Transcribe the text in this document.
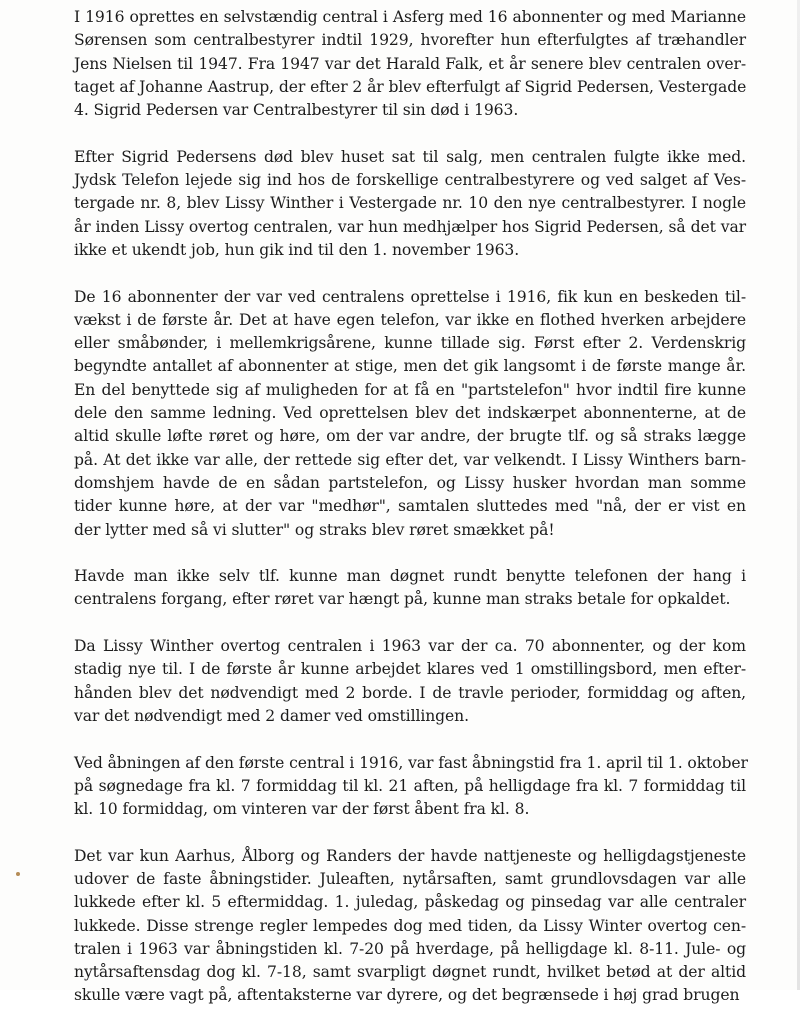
I 1916 oprettes en selvstændig central i Asferg med 16 abonnenter og med Marianne
Sørensen som centralbestyrer indtil 1929, hvorefter hun efterfulgtes af træhandler
Jens Nielsen til 1947. Fra 1947 var det Harald Falk, et år senere blev centralen over-
taget af Johanne Aastrup, der efter 2 år blev efterfulgt af Sigrid Pedersen, Vestergade
4. Sigrid Pedersen var Centralbestyrer til sin død i 1963.

Efter Sigrid Pedersens død blev huset sat til salg, men centralen fulgte ikke med.
Jydsk Telefon lejede sig ind hos de forskellige centralbestyrere og ved salget af Ves-
tergade nr. 8, blev Lissy Winther i Vestergade nr. 10 den nye centralbestyrer. I nogle
år inden Lissy overtog centralen, var hun medhjælper hos Sigrid Pedersen, så det var
ikke et ukendt job, hun gik ind til den 1. november 1963.

De 16 abonnenter der var ved centralens oprettelse i 1916, fik kun en beskeden til-
vækst i de første år. Det at have egen telefon, var ikke en flothed hverken arbejdere
eller småbønder, i mellemkrigsårene, kunne tillade sig. Først efter 2. Verdenskrig
begyndte antallet af abonnenter at stige, men det gik langsomt i de første mange år.
En del benyttede sig af muligheden for at få en "partstelefon" hvor indtil fire kunne
dele den samme ledning. Ved oprettelsen blev det indskærpet abonnenterne, at de
altid skulle løfte røret og høre, om der var andre, der brugte tlf. og så straks lægge
på. At det ikke var alle, der rettede sig efter det, var velkendt. I Lissy Winthers barn-
domshjem havde de en sådan partstelefon, og Lissy husker hvordan man somme
tider kunne høre, at der var "medhør", samtalen sluttedes med "nå, der er vist en
der lytter med så vi slutter" og straks blev røret smækket på!

Havde man ikke selv tlf. kunne man døgnet rundt benytte telefonen der hang i
centralens forgang, efter røret var hængt på, kunne man straks betale for opkaldet.

Da Lissy Winther overtog centralen i 1963 var der ca. 70 abonnenter, og der kom
stadig nye til. I de første år kunne arbejdet klares ved 1 omstillingsbord, men efter-
hånden blev det nødvendigt med 2 borde. I de travle perioder, formiddag og aften,
var det nødvendigt med 2 damer ved omstillingen.

Ved åbningen af den første central i 1916, var fast åbningstid fra 1. april til 1. oktober
på søgnedage fra kl. 7 formiddag til kl. 21 aften, på helligdage fra kl. 7 formiddag til
kl. 10 formiddag, om vinteren var der først åbent fra kl. 8.

Det var kun Aarhus, Ålborg og Randers der havde nattjeneste og helligdagstjeneste
udover de faste åbningstider. Juleaften, nytårsaften, samt grundlovsdagen var alle
lukkede efter kl. 5 eftermiddag. 1. juledag, påskedag og pinsedag var alle centraler
lukkede. Disse strenge regler lempedes dog med tiden, da Lissy Winter overtog cen-
tralen i 1963 var åbningstiden kl. 7-20 på hverdage, på helligdage kl. 8-11. Jule- og
nytårsaftensdag dog kl. 7-18, samt svarpligt døgnet rundt, hvilket betød at der altid
skulle være vagt på, aftentaksterne var dyrere, og det begrænsede i høj grad brugen
